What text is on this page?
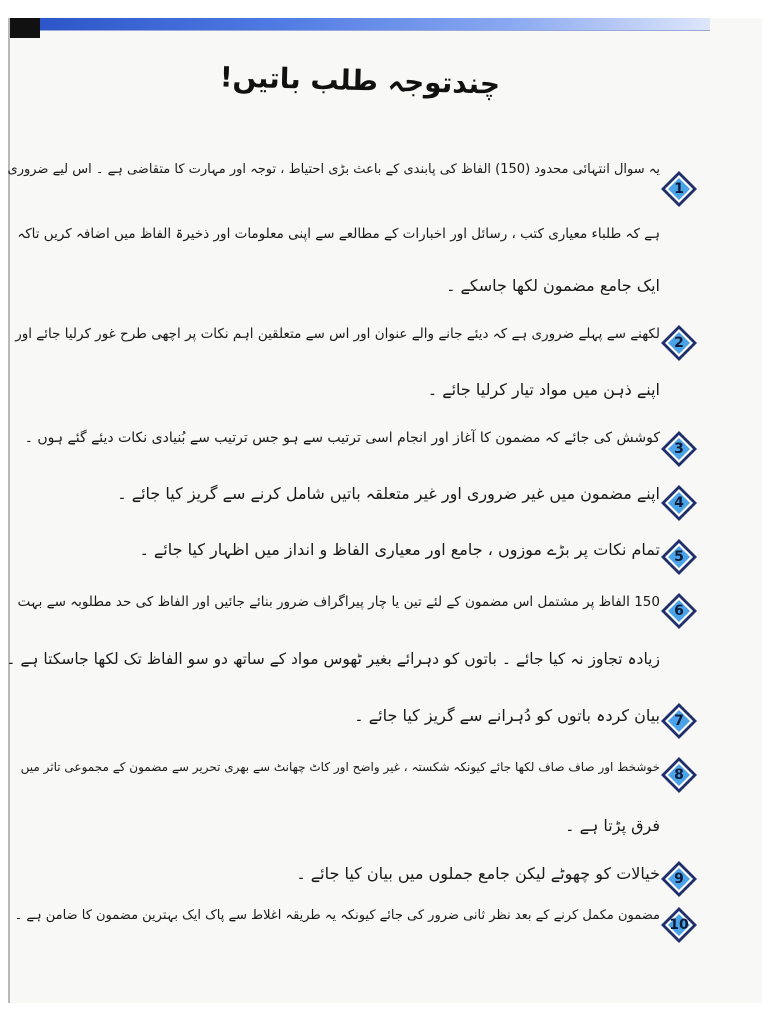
چندتوجہ طلب باتیں!
1
یہ سوال انتہائی محدود (150) الفاظ کی پابندی کے باعث بڑی احتیاط ، توجہ اور مہارت کا متقاضی ہے ۔ اس لیے ضروری
ہے کہ طلباء معیاری کتب ، رسائل اور اخبارات کے مطالعے سے اپنی معلومات اور ذخیرۃ الفاظ میں اضافہ کریں تاکہ
ایک جامع مضمون لکھا جاسکے ۔
2
لکھنے سے پہلے ضروری ہے کہ دیئے جانے والے عنوان اور اس سے متعلقین اہم نکات پر اچھی طرح غور کرلیا جائے اور
اپنے ذہن میں مواد تیار کرلیا جائے ۔
3
کوشش کی جائے کہ مضمون کا آغاز اور انجام اسی ترتیب سے ہو جس ترتیب سے بُنیادی نکات دیئے گئے ہوں ۔
4
اپنے مضمون میں غیر ضروری اور غیر متعلقہ باتیں شامل کرنے سے گریز کیا جائے ۔
5
تمام نکات پر بڑے موزوں ، جامع اور معیاری الفاظ و انداز میں اظہار کیا جائے ۔
6
150 الفاظ پر مشتمل اس مضمون کے لئے تین یا چار پیراگراف ضرور بنائے جائیں اور الفاظ کی حد مطلوبہ سے بہت
زیادہ تجاوز نہ کیا جائے ۔ باتوں کو دہرائے بغیر ٹھوس مواد کے ساتھ دو سو الفاظ تک لکھا جاسکتا ہے ۔
7
بیان کردہ باتوں کو دُہرانے سے گریز کیا جائے ۔
8
خوشخط اور صاف صاف لکھا جائے کیونکہ شکستہ ، غیر واضح اور کاٹ چھانٹ سے بھری تحریر سے مضمون کے مجموعی تاثر میں
فرق پڑتا ہے ۔
9
خیالات کو چھوٹے لیکن جامع جملوں میں بیان کیا جائے ۔
10
مضمون مکمل کرنے کے بعد نظر ثانی ضرور کی جائے کیونکہ یہ طریقہ اغلاط سے پاک ایک بہترین مضمون کا ضامن ہے ۔
